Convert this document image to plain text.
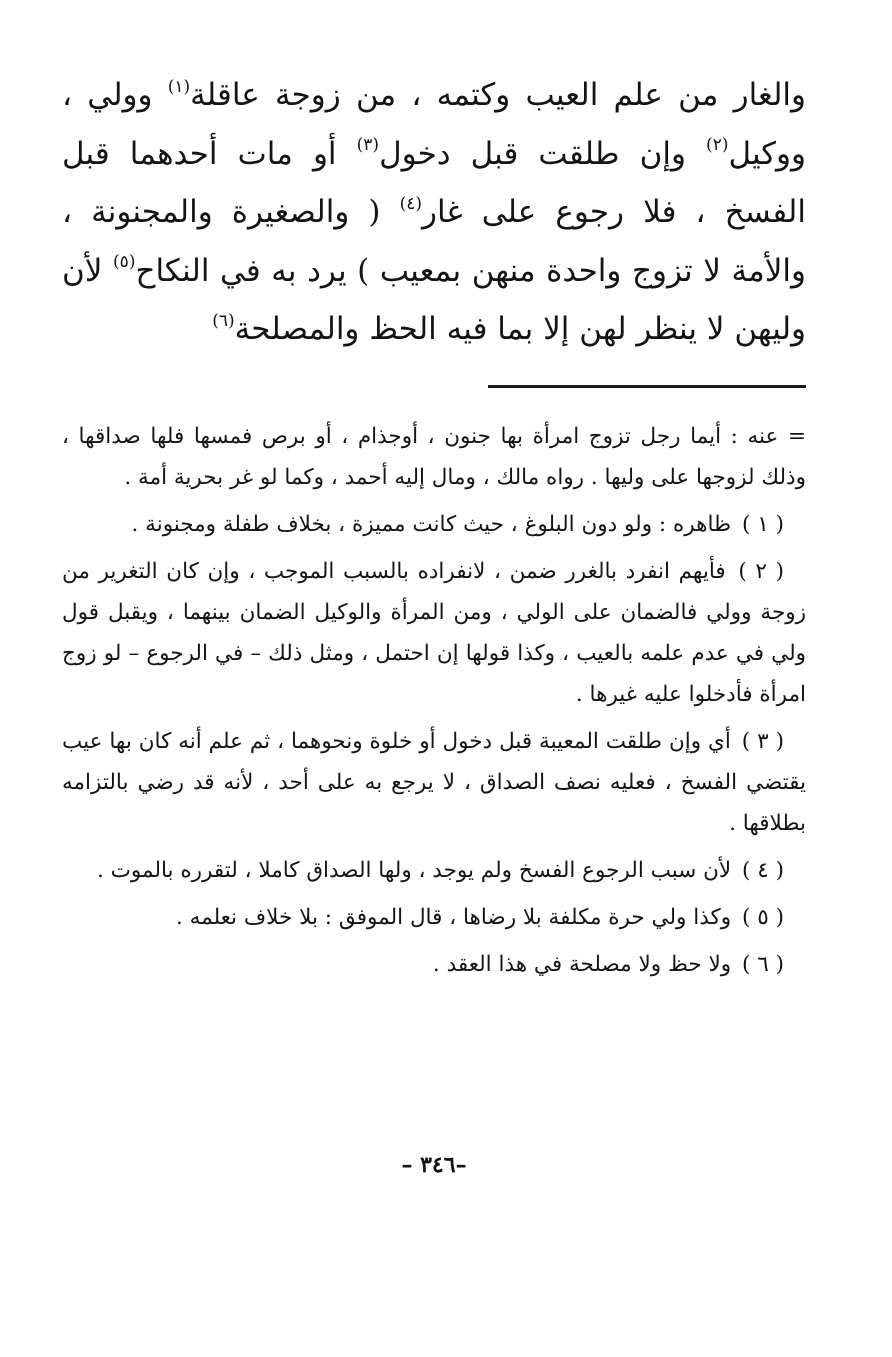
والغار من علم العيب وكتمه ، من زوجة عاقلة$^{(١)}$ وولي ، ووكيل$^{(٢)}$ وإن طلقت قبل دخول$^{(٣)}$ أو مات أحدهما قبل الفسخ ، فلا رجوع على غار$^{(٤)}$ ( والصغيرة والمجنونة ، والأمة لا تزوج واحدة منهن بمعيب ) يرد به في النكاح$^{(٥)}$ لأن وليهن لا ينظر لهن إلا بما فيه الحظ والمصلحة$^{(٦)}$

= عنه : أيما رجل تزوج امرأة بها جنون ، أوجذام ، أو برص فمسها فلها صداقها ، وذلك لزوجها على وليها . رواه مالك ، ومال إليه أحمد ، وكما لو غر بحرية أمة .

( ١ ) ظاهره : ولو دون البلوغ ، حيث كانت مميزة ، بخلاف طفلة ومجنونة .

( ٢ ) فأيهم انفرد بالغرر ضمن ، لانفراده بالسبب الموجب ، وإن كان التغرير من زوجة وولي فالضمان على الولي ، ومن المرأة والوكيل الضمان بينهما ، ويقبل قول ولي في عدم علمه بالعيب ، وكذا قولها إن احتمل ، ومثل ذلك – في الرجوع – لو زوج امرأة فأدخلوا عليه غيرها .

( ٣ ) أي وإن طلقت المعيبة قبل دخول أو خلوة ونحوهما ، ثم علم أنه كان بها عيب يقتضي الفسخ ، فعليه نصف الصداق ، لا يرجع به على أحد ، لأنه قد رضي بالتزامه بطلاقها .

( ٤ ) لأن سبب الرجوع الفسخ ولم يوجد ، ولها الصداق كاملا ، لتقرره بالموت .

( ٥ ) وكذا ولي حرة مكلفة بلا رضاها ، قال الموفق : بلا خلاف نعلمه .

( ٦ ) ولا حظ ولا مصلحة في هذا العقد .

–٣٤٦ –
